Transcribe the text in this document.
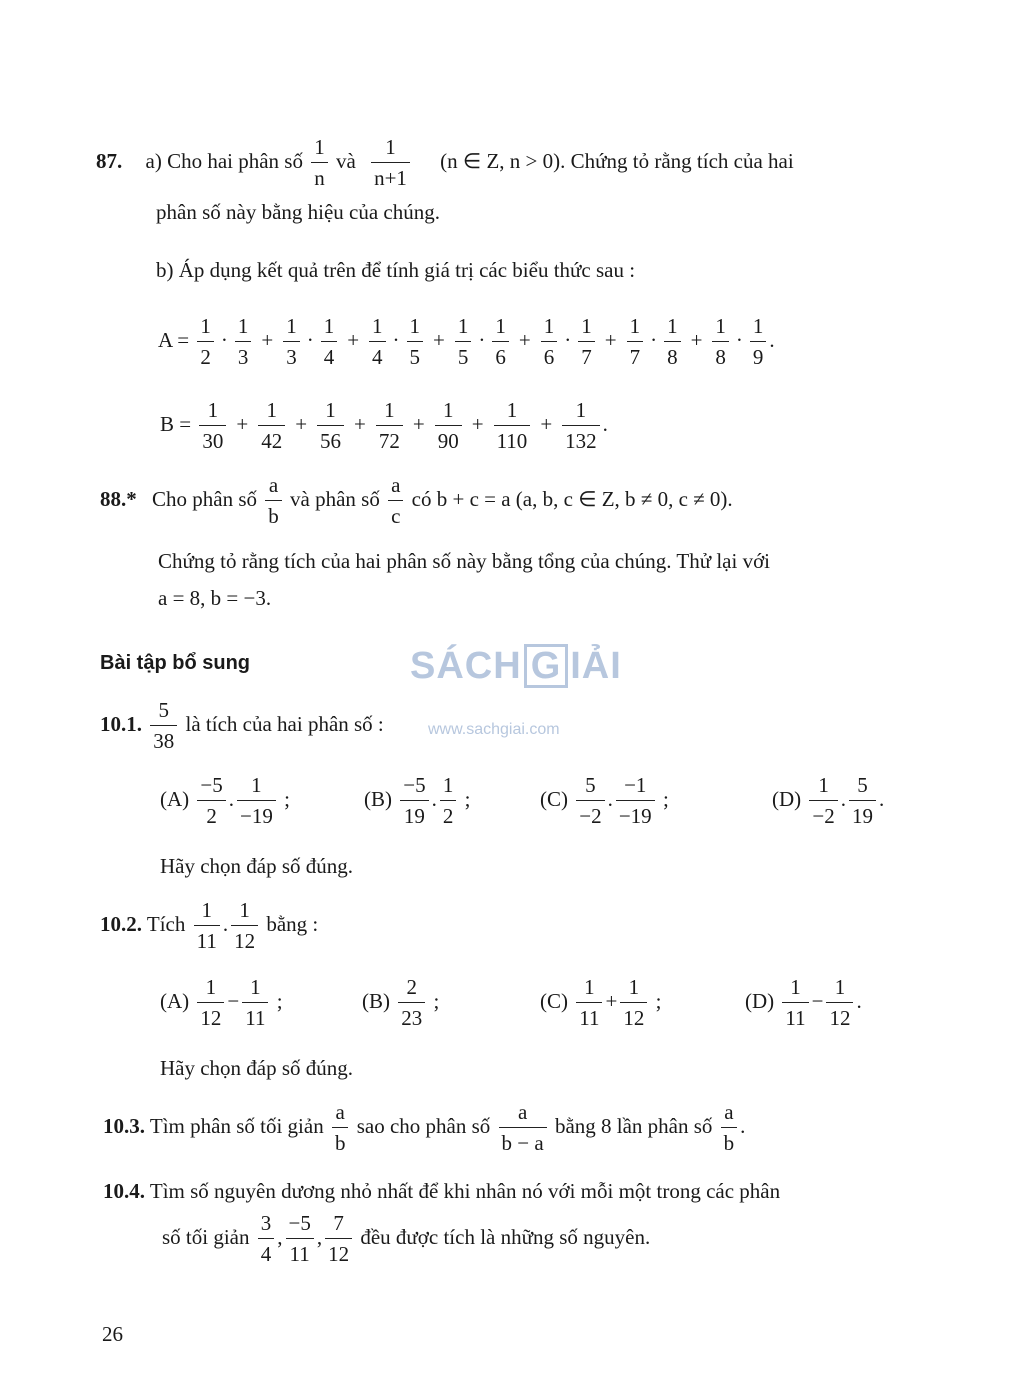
SÁCH G IẢI
www.sachgiai.com
87. a) Cho hai phân số $\frac{1}{n}$ và $\frac{1}{n+1} (n$ ∈ Z, n > 0). Chứng tỏ rằng tích của hai
phân số này bằng hiệu của chúng.
b) Áp dụng kết quả trên để tính giá trị các biểu thức sau :
$A = \frac{1}{2} \cdot \frac{1}{3} + \frac{1}{3} \cdot \frac{1}{4} + \frac{1}{4} \cdot \frac{1}{5} + \frac{1}{5} \cdot \frac{1}{6} + \frac{1}{6} \cdot \frac{1}{7} + \frac{1}{7} \cdot \frac{1}{8} + \frac{1}{8} \cdot \frac{1}{9}$ .
$B = \frac{1}{30} + \frac{1}{42} + \frac{1}{56} + \frac{1}{72} + \frac{1}{90} + \frac{1}{110} + \frac{1}{132}$ .
88.* Cho phân số $\frac{a}{b}$ và phân số $\frac{a}{c}$ có b + c = a (a, b, c ∈ Z, b ≠ 0, c ≠ 0).
Chứng tỏ rằng tích của hai phân số này bằng tổng của chúng. Thử lại với
a = 8, b = −3.
Bài tập bổ sung
10.1. $\frac{5}{38}$ là tích của hai phân số :
$(A) \frac{-5}{2}$ . $\frac{1}{-19}$ ;	$(B) \frac{-5}{19}$ . $\frac{1}{2}$ ;	$(C) \frac{5}{-2}$ . $\frac{-1}{-19}$ ;	$(D) \frac{1}{-2}$ . $\frac{5}{19}$ .
Hãy chọn đáp số đúng.
10.2. Tích $\frac{1}{11}$ . $\frac{1}{12}$ bằng :
$(A) \frac{1}{12} - \frac{1}{11}$ ;	$(B) \frac{2}{23}$ ;	$(C) \frac{1}{11} + \frac{1}{12}$ ;	$(D) \frac{1}{11} - \frac{1}{12}$ .
Hãy chọn đáp số đúng.
10.3. Tìm phân số tối giản $\frac{a}{b}$ sao cho phân số $\frac{a}{b - a}$ bằng 8 lần phân số $\frac{a}{b}$ .
10.4. Tìm số nguyên dương nhỏ nhất để khi nhân nó với mỗi một trong các phân
số tối giản $\frac{3}{4}$ , $\frac{-5}{11}$ , $\frac{7}{12}$ đều được tích là những số nguyên.
26
